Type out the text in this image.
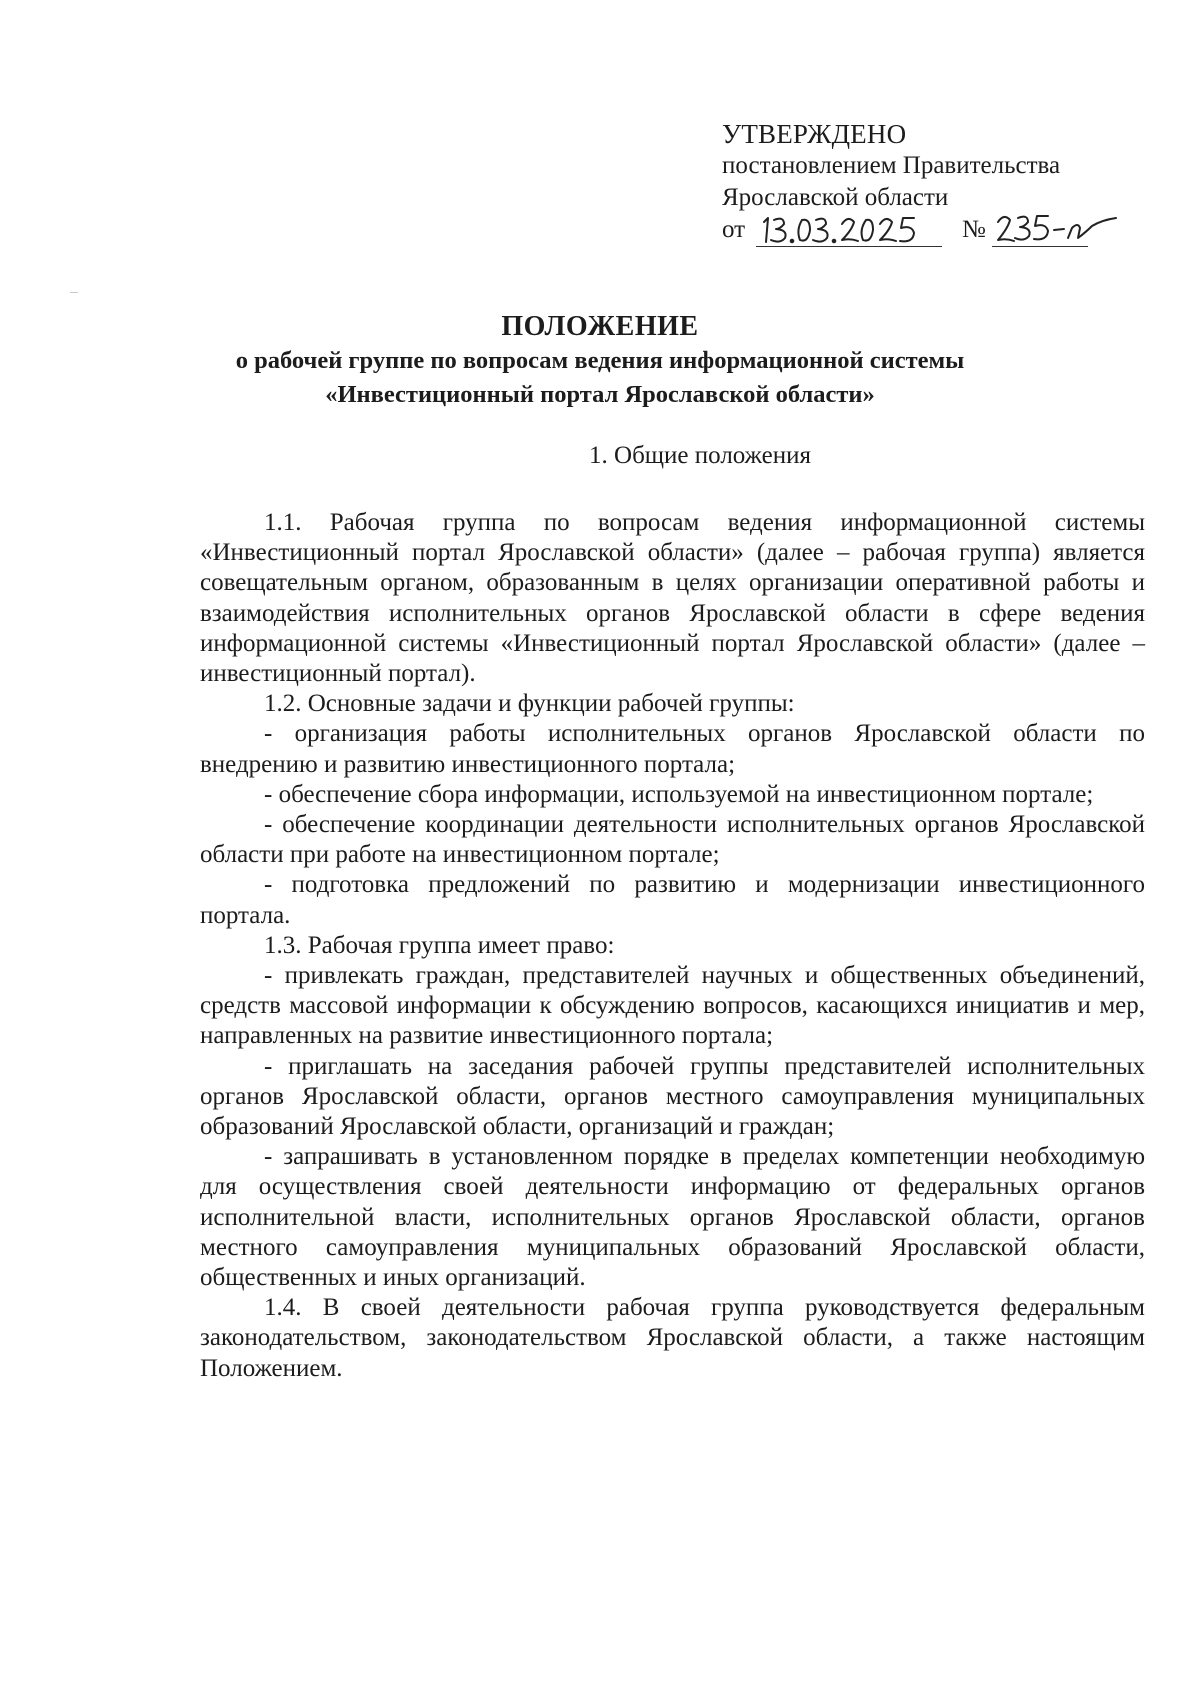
УТВЕРЖДЕНО
постановлением Правительства
Ярославской области
от	№
ПОЛОЖЕНИЕ
о рабочей группе по вопросам ведения информационной системы
«Инвестиционный портал Ярославской области»
1. Общие положения

1.1. Рабочая группа по вопросам ведения информационной системы «Инвестиционный портал Ярославской области» (далее – рабочая группа) является совещательным органом, образованным в целях организации оперативной работы и взаимодействия исполнительных органов Ярославской области в сфере ведения информационной системы «Инвестиционный портал Ярославской области» (далее – инвестиционный портал).

1.2. Основные задачи и функции рабочей группы:

- организация работы исполнительных органов Ярославской области по внедрению и развитию инвестиционного портала;

- обеспечение сбора информации, используемой на инвестиционном портале;

- обеспечение координации деятельности исполнительных органов Ярославской области при работе на инвестиционном портале;

- подготовка предложений по развитию и модернизации инвестиционного портала.

1.3. Рабочая группа имеет право:

- привлекать граждан, представителей научных и общественных объединений, средств массовой информации к обсуждению вопросов, касающихся инициатив и мер, направленных на развитие инвестиционного портала;

- приглашать на заседания рабочей группы представителей исполнительных органов Ярославской области, органов местного самоуправления муниципальных образований Ярославской области, организаций и граждан;

- запрашивать в установленном порядке в пределах компетенции необходимую для осуществления своей деятельности информацию от федеральных органов исполнительной власти, исполнительных органов Ярославской области, органов местного самоуправления муниципальных образований Ярославской области, общественных и иных организаций.

1.4. В своей деятельности рабочая группа руководствуется федеральным законодательством, законодательством Ярославской области, а также настоящим Положением.
